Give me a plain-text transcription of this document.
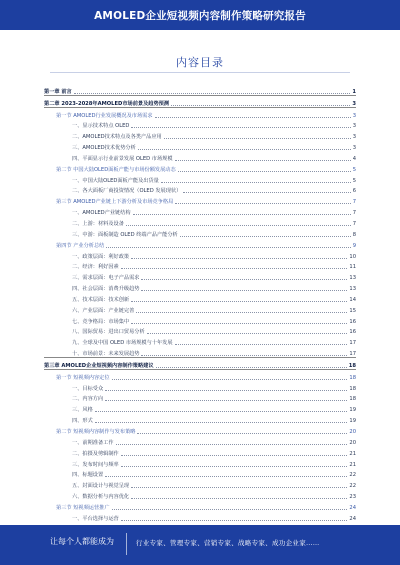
AMOLED企业短视频内容制作策略研究报告
内容目录
第一章 前言	1
第二章 2023-2028年AMOLED市场前景及趋势预测	3
第一节 AMOLED行业发展概况及市场需求	3
一、显示技术特点 OLED	3
二、AMOLED技术特点及各类产品应用	3
三、AMOLED技术优势分析	3
四、平面显示行业前景发展 OLED 市场规模	4
第二节 中国大陆OLED面板产能与市场份额发展动态	5
一、中国大陆OLED面板产能及出货量	5
二、各大面板厂商投资情况（OLED 发展现状）	6
第三节 AMOLED产业链上下游分析及市场竞争格局	7
一、AMOLED产业链结构	7
二、上游：材料及设备	7
三、中游：面板制造 OLED 终端产品产能分析	8
第四节 产业分析总结	9
一、政策层面：利好政策	10
二、经济：利好因素	11
三、需求层面：电子产品需求	13
四、社会层面：消费升级趋势	13
五、技术层面：技术创新	14
六、产业层面：产业链完善	15
七、竞争格局：市场集中	16
八、国际贸易：进出口贸易分析	16
九、全球及中国 OLED 市场规模与十年发展	17
十、市场前景：未来发展趋势	17
第三章 AMOLED企业短视频内容制作策略建议	18
第一节 短视频内容定位	18
一、目标受众	18
二、内容方向	18
三、风格	19
四、形式	19
第二节 短视频内容制作与发布策略	20
一、前期准备工作	20
二、拍摄及剪辑制作	21
三、发布时间与频率	21
四、标题设置	22
五、封面设计与视觉呈现	22
六、数据分析与内容优化	23
第三节 短视频运营推广	24
一、平台选择与运营	24
让每个人都能成为	行业专家、管理专家、营销专家、战略专家、成功企业家……
